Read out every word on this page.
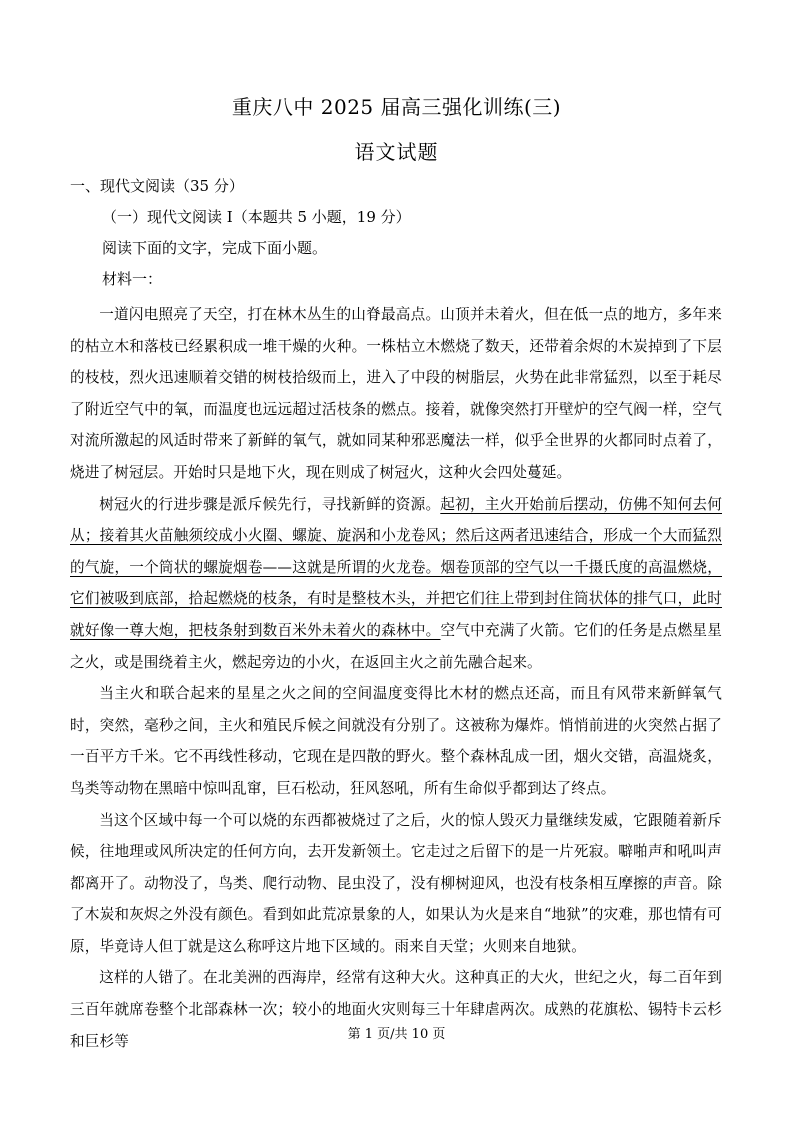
重庆八中 2025 届高三强化训练(三)
语文试题
一、现代文阅读（35 分）
（一）现代文阅读 I（本题共 5 小题，19 分）
阅读下面的文字，完成下面小题。
材料一：

一道闪电照亮了天空，打在林木丛生的山脊最高点。山顶并未着火，但在低一点的地方，多年来的枯立木和落枝已经累积成一堆干燥的火种。一株枯立木燃烧了数天，还带着余烬的木炭掉到了下层的枝枝，烈火迅速顺着交错的树枝拾级而上，进入了中段的树脂层，火势在此非常猛烈，以至于耗尽了附近空气中的氧，而温度也远远超过活枝条的燃点。接着，就像突然打开壁炉的空气阀一样，空气对流所激起的风适时带来了新鲜的氧气，就如同某种邪恶魔法一样，似乎全世界的火都同时点着了，烧进了树冠层。开始时只是地下火，现在则成了树冠火，这种火会四处蔓延。

树冠火的行进步骤是派斥候先行，寻找新鲜的资源。起初，主火开始前后摆动，仿佛不知何去何从；接着其火苗触须绞成小火圈、螺旋、旋涡和小龙卷风；然后这两者迅速结合，形成一个大而猛烈的气旋，一个筒状的螺旋烟卷——这就是所谓的火龙卷。烟卷顶部的空气以一千摄氏度的高温燃烧，它们被吸到底部，拾起燃烧的枝条，有时是整枝木头，并把它们往上带到封住筒状体的排气口，此时就好像一尊大炮，把枝条射到数百米外未着火的森林中。空气中充满了火箭。它们的任务是点燃星星之火，或是围绕着主火，燃起旁边的小火，在返回主火之前先融合起来。

当主火和联合起来的星星之火之间的空间温度变得比木材的燃点还高，而且有风带来新鲜氧气时，突然，毫秒之间，主火和殖民斥候之间就没有分别了。这被称为爆炸。悄悄前进的火突然占据了一百平方千米。它不再线性移动，它现在是四散的野火。整个森林乱成一团，烟火交错，高温烧炙，鸟类等动物在黑暗中惊叫乱窜，巨石松动，狂风怒吼，所有生命似乎都到达了终点。

当这个区域中每一个可以烧的东西都被烧过了之后，火的惊人毁灭力量继续发威，它跟随着新斥候，往地理或风所决定的任何方向，去开发新领土。它走过之后留下的是一片死寂。噼啪声和吼叫声都离开了。动物没了，鸟类、爬行动物、昆虫没了，没有柳树迎风，也没有枝条相互摩擦的声音。除了木炭和灰烬之外没有颜色。看到如此荒凉景象的人，如果认为火是来自“地狱”的灾难，那也情有可原，毕竟诗人但丁就是这么称呼这片地下区域的。雨来自天堂；火则来自地狱。

这样的人错了。在北美洲的西海岸，经常有这种大火。这种真正的大火，世纪之火，每二百年到三百年就席卷整个北部森林一次；较小的地面火灾则每三十年肆虐两次。成熟的花旗松、锡特卡云杉和巨杉等	第 1 页/共 10 页
